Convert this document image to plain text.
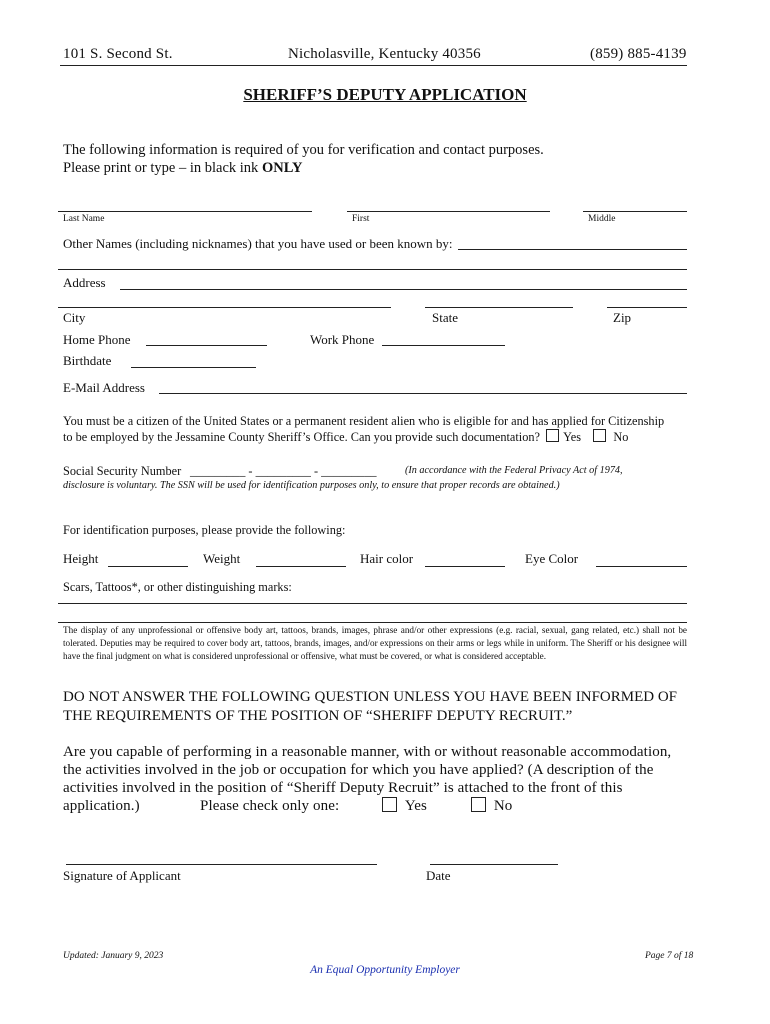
101 S. Second St.	Nicholasville, Kentucky 40356	(859) 885-4139
SHERIFF’S DEPUTY APPLICATION
The following information is required of you for verification and contact purposes.
Please print or type – in black ink ONLY
Last Name	First	Middle
Other Names (including nicknames) that you have used or been known by:
Address
City	State	Zip
Home Phone	Work Phone
Birthdate
E-Mail Address
You must be a citizen of the United States or a permanent resident alien who is eligible for and has applied for Citizenship
to be employed by the Jessamine County Sheriff’s Office. Can you provide such documentation? Yes	No
Social Security Number _________ - _________ - _________	(In accordance with the Federal Privacy Act of 1974,
disclosure is voluntary. The SSN will be used for identification purposes only, to ensure that proper records are obtained.)
For identification purposes, please provide the following:
Height	Weight	Hair color	Eye Color
Scars, Tattoos*, or other distinguishing marks:
The display of any unprofessional or offensive body art, tattoos, brands, images, phrase and/or other expressions (e.g. racial, sexual, gang related, etc.) shall not be tolerated. Deputies may be required to cover body art, tattoos, brands, images, and/or expressions on their arms or legs while in uniform. The Sheriff or his designee will have the final judgment on what is considered unprofessional or offensive, what must be covered, or what is considered acceptable.
DO NOT ANSWER THE FOLLOWING QUESTION UNLESS YOU HAVE BEEN INFORMED OF
THE REQUIREMENTS OF THE POSITION OF “SHERIFF DEPUTY RECRUIT.”
Are you capable of performing in a reasonable manner, with or without reasonable accommodation,
the activities involved in the job or occupation for which you have applied? (A description of the
activities involved in the position of “Sheriff Deputy Recruit” is attached to the front of this
application.)	Please check only one:	Yes	No
Signature of Applicant	Date
Updated: January 9, 2023	Page 7 of 18
An Equal Opportunity Employer
